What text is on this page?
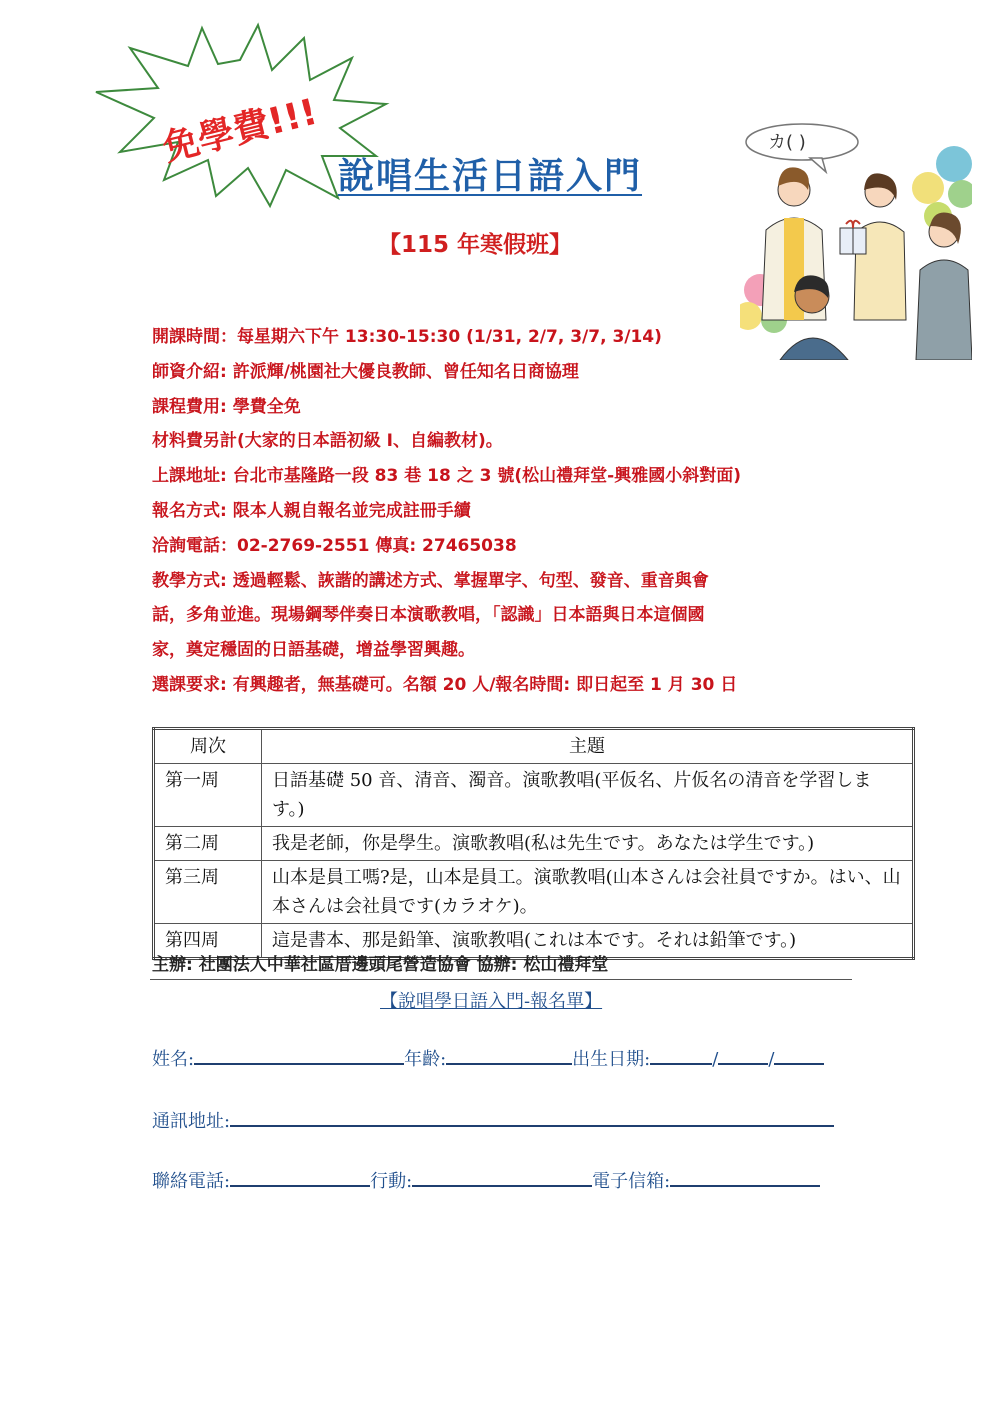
免學費!!!
說唱生活日語入門
【115 年寒假班】
カ( )
開課時間：每星期六下午 13:30-15:30 (1/31, 2/7, 3/7, 3/14)
師資介紹: 許派輝/桃園社大優良教師、曾任知名日商協理
課程費用: 學費全免
材料費另計(大家的日本語初級 I、自編教材)。
上課地址: 台北市基隆路一段 83 巷 18 之 3 號(松山禮拜堂-興雅國小斜對面)
報名方式: 限本人親自報名並完成註冊手續
洽詢電話：02-2769-2551 傳真: 27465038
教學方式: 透過輕鬆、詼諧的講述方式、掌握單字、句型、發音、重音與會
話，多角並進。現場鋼琴伴奏日本演歌教唱，「認識」日本語與日本這個國
家，奠定穩固的日語基礎，增益學習興趣。
選課要求: 有興趣者，無基礎可。名額 20 人/報名時間: 即日起至 1 月 30 日
周次	主題
第一周	日語基礎 50 音、清音、濁音。演歌教唱(平仮名、片仮名の清音を学習します。)
第二周	我是老師，你是學生。演歌教唱(私は先生です。あなたは学生です。)
第三周	山本是員工嗎?是，山本是員工。演歌教唱(山本さんは会社員ですか。はい、山本さんは会社員です(カラオケ)。
第四周	這是書本、那是鉛筆、演歌教唱(これは本です。それは鉛筆です。)
主辦: 社團法人中華社區厝邊頭尾營造協會 協辦: 松山禮拜堂
【說唱學日語入門-報名單】
姓名:	年齡:	出生日期:	/	/
通訊地址:
聯絡電話:	行動:	電子信箱:
